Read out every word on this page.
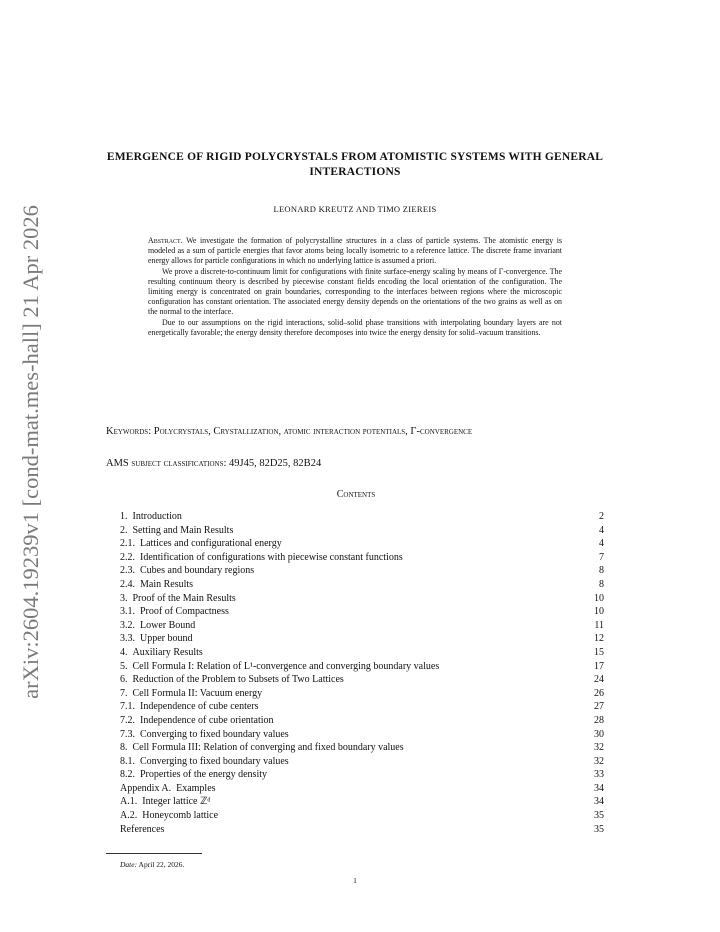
arXiv:2604.19239v1 [cond-mat.mes-hall] 21 Apr 2026
EMERGENCE OF RIGID POLYCRYSTALS FROM ATOMISTIC SYSTEMS WITH GENERAL INTERACTIONS
LEONARD KREUTZ AND TIMO ZIEREIS

Abstract. We investigate the formation of polycrystalline structures in a class of particle systems. The atomistic energy is modeled as a sum of particle energies that favor atoms being locally isometric to a reference lattice. The discrete frame invariant energy allows for particle configurations in which no underlying lattice is assumed a priori.

We prove a discrete-to-continuum limit for configurations with finite surface-energy scaling by means of Γ-convergence. The resulting continuum theory is described by piecewise constant fields encoding the local orientation of the configuration. The limiting energy is concentrated on grain boundaries, corresponding to the interfaces between regions where the microscopic configuration has constant orientation. The associated energy density depends on the orientations of the two grains as well as on the normal to the interface.

Due to our assumptions on the rigid interactions, solid–solid phase transitions with interpolating boundary layers are not energetically favorable; the energy density therefore decomposes into twice the energy density for solid–vacuum transitions.

Keywords: Polycrystals, Crystallization, atomic interaction potentials, Γ-convergence
AMS subject classifications: 49J45, 82D25, 82B24
Contents
1. Introduction	2
2. Setting and Main Results	4
2.1. Lattices and configurational energy	4
2.2. Identification of configurations with piecewise constant functions	7
2.3. Cubes and boundary regions	8
2.4. Main Results	8
3. Proof of the Main Results	10
3.1. Proof of Compactness	10
3.2. Lower Bound	11
3.3. Upper bound	12
4. Auxiliary Results	15
5. Cell Formula I: Relation of L¹-convergence and converging boundary values	17
6. Reduction of the Problem to Subsets of Two Lattices	24
7. Cell Formula II: Vacuum energy	26
7.1. Independence of cube centers	27
7.2. Independence of cube orientation	28
7.3. Converging to fixed boundary values	30
8. Cell Formula III: Relation of converging and fixed boundary values	32
8.1. Converging to fixed boundary values	32
8.2. Properties of the energy density	33
Appendix A. Examples	34
A.1. Integer lattice ℤᵈ	34
A.2. Honeycomb lattice	35
References	35
Date: April 22, 2026.
1
